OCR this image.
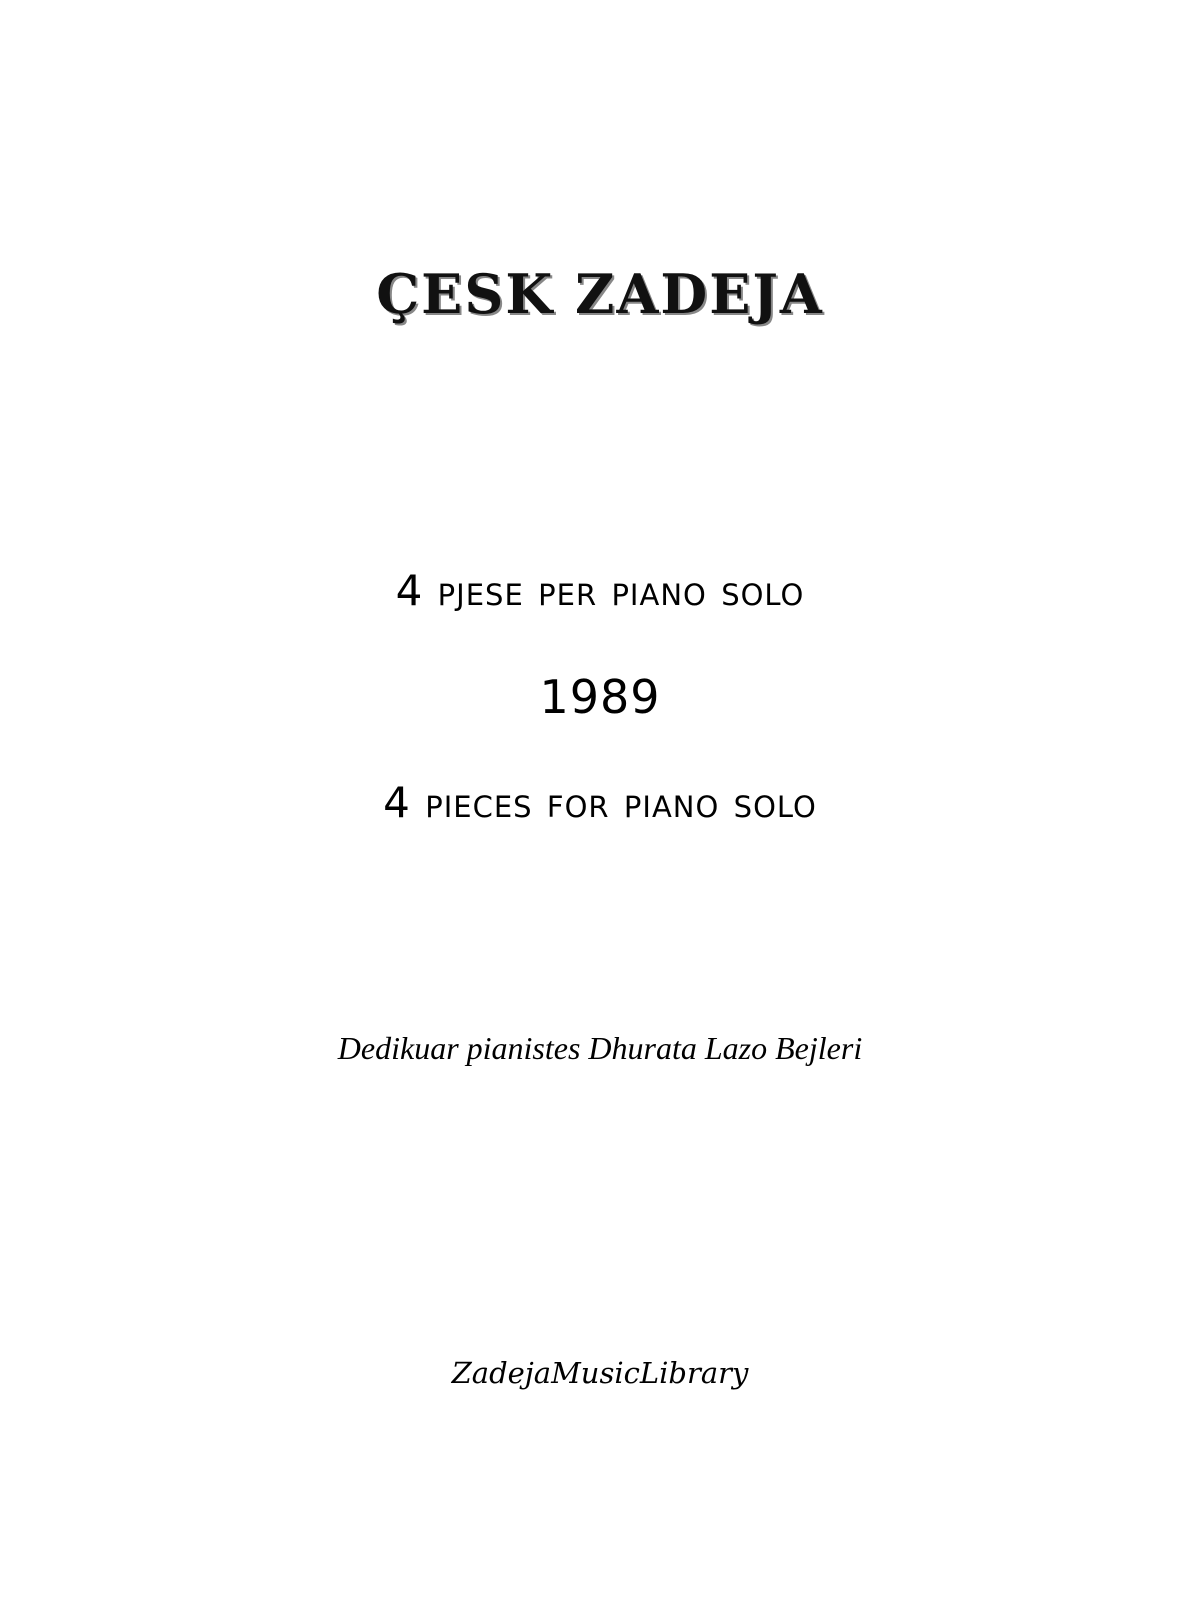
ÇESK ZADEJA
4 pjese per piano solo
1989
4 pieces for piano solo
Dedikuar pianistes Dhurata Lazo Bejleri
ZadejaMusicLibrary
